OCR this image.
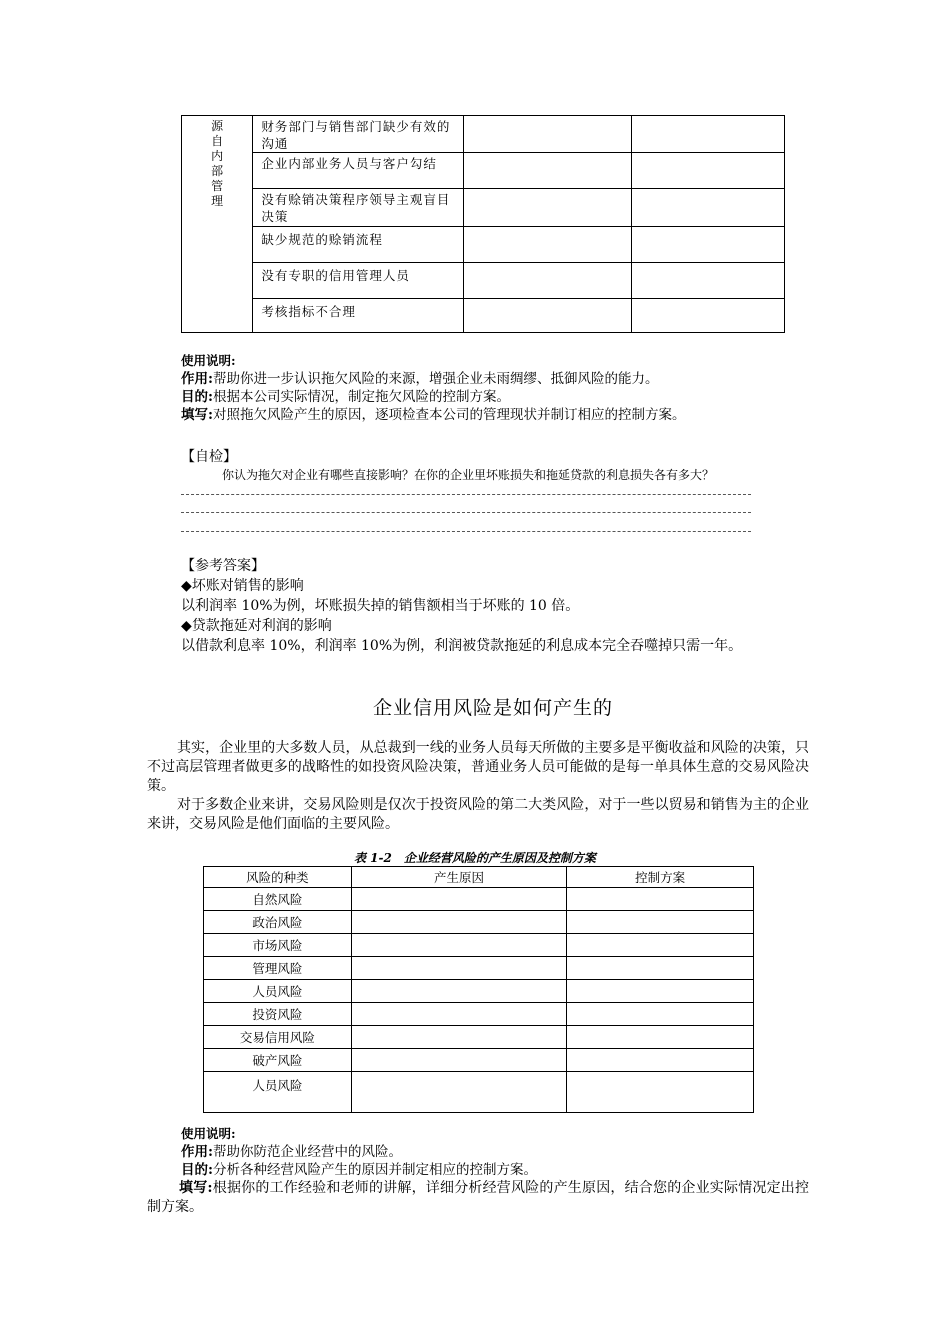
源自内部管理	财务部门与销售部门缺少有效的沟通		
	企业内部业务人员与客户勾结		
	没有赊销决策程序领导主观盲目决策		
	缺少规范的赊销流程		
	没有专职的信用管理人员		
	考核指标不合理		
使用说明:
作用:帮助你进一步认识拖欠风险的来源，增强企业未雨绸缪、抵御风险的能力。
目的:根据本公司实际情况，制定拖欠风险的控制方案。
填写:对照拖欠风险产生的原因，逐项检查本公司的管理现状并制订相应的控制方案。
【自检】
你认为拖欠对企业有哪些直接影响？在你的企业里坏账损失和拖延贷款的利息损失各有多大？
【参考答案】
◆坏账对销售的影响
以利润率 10%为例，坏账损失掉的销售额相当于坏账的 10 倍。
◆贷款拖延对利润的影响
以借款利息率 10%，利润率 10%为例，利润被贷款拖延的利息成本完全吞噬掉只需一年。
企业信用风险是如何产生的
其实，企业里的大多数人员，从总裁到一线的业务人员每天所做的主要多是平衡收益和风险的决策，只不过高层管理者做更多的战略性的如投资风险决策，普通业务人员可能做的是每一单具体生意的交易风险决策。
对于多数企业来讲，交易风险则是仅次于投资风险的第二大类风险，对于一些以贸易和销售为主的企业来讲，交易风险是他们面临的主要风险。
表 1-2　企业经营风险的产生原因及控制方案
风险的种类	产生原因	控制方案
自然风险		
政治风险		
市场风险		
管理风险		
人员风险		
投资风险		
交易信用风险		
破产风险		
人员风险		
使用说明:
作用:帮助你防范企业经营中的风险。
目的:分析各种经营风险产生的原因并制定相应的控制方案。
填写:根据你的工作经验和老师的讲解，详细分析经营风险的产生原因，结合您的企业实际情况定出控制方案。
